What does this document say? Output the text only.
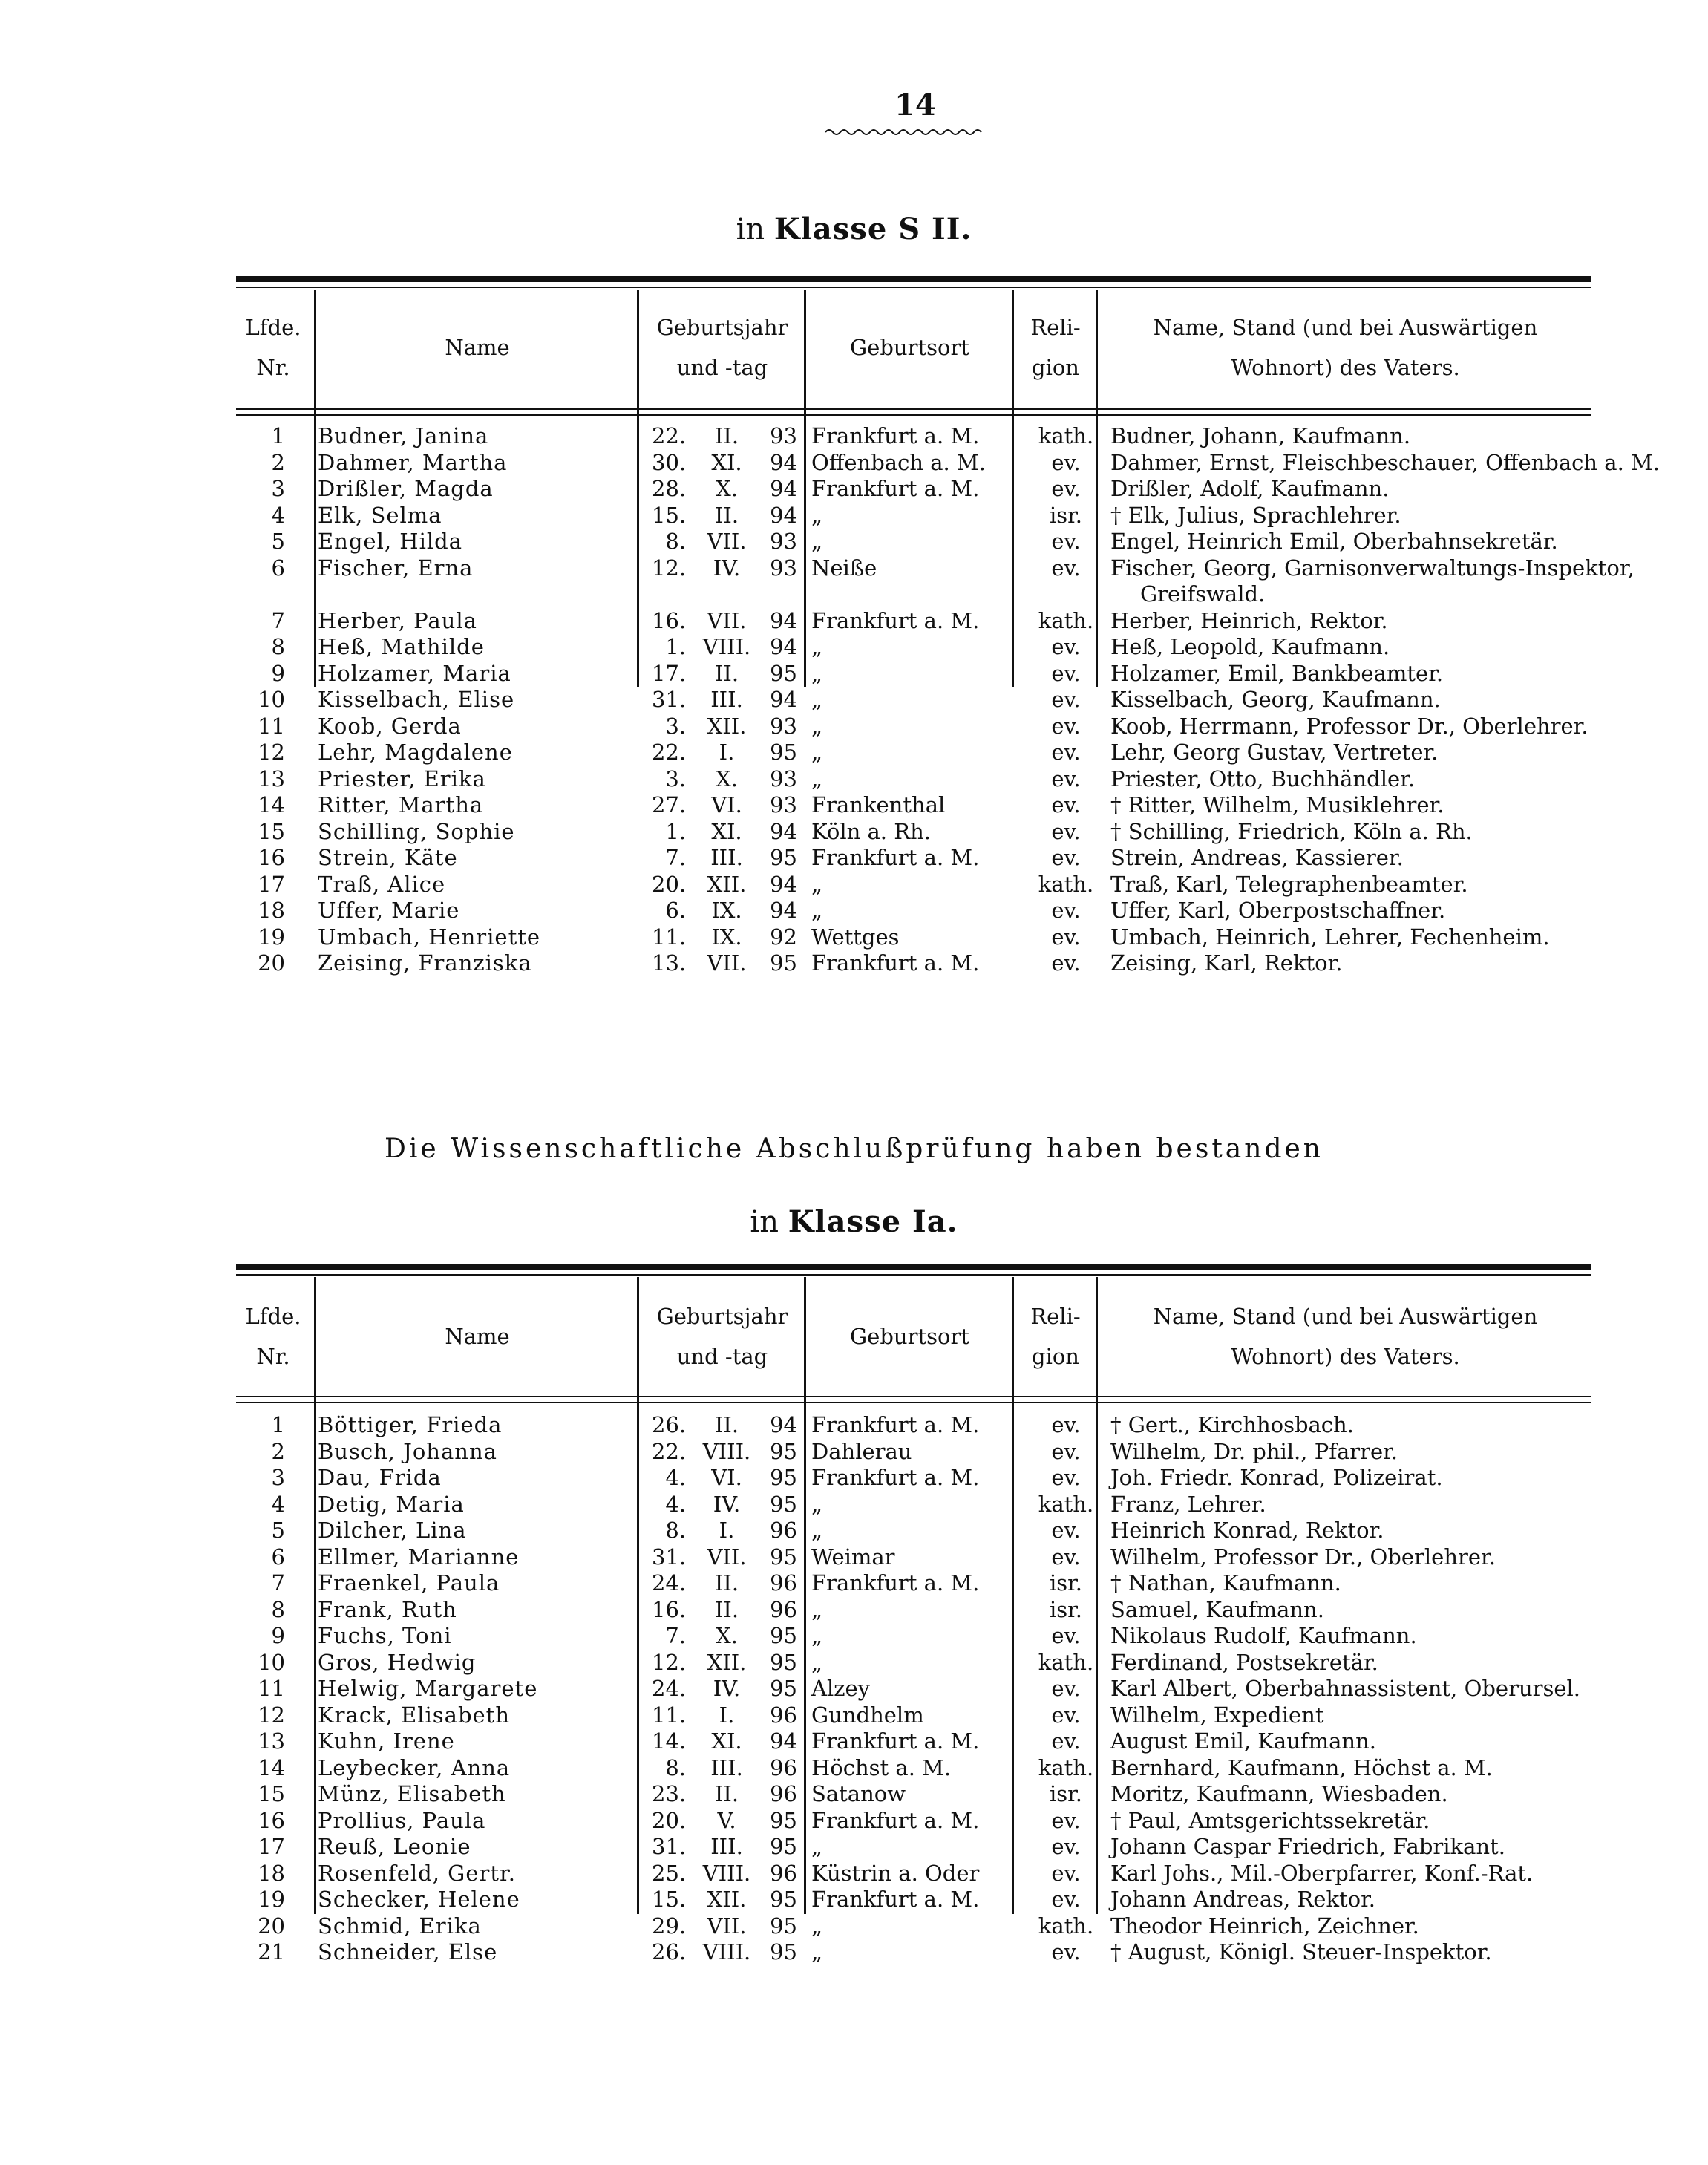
14
in Klasse S II.
Lfde.
Nr.
Name
Geburtsjahr
und -tag
Geburtsort
Reli-
gion
Name, Stand (und bei Auswärtigen
Wohnort) des Vaters.
1 Budner, Janina	22.	II.	93 Frankfurt a. M.	kath. Budner, Johann, Kaufmann.
2 Dahmer, Martha	30.	XI.	94 Offenbach a. M.	ev.	Dahmer, Ernst, Fleischbeschauer, Offenbach a. M.
3 Drißler, Magda	28.	X.	94 Frankfurt a. M.	ev.	Drißler, Adolf, Kaufmann.
4 Elk, Selma	15.	II.	94 „	isr.	† Elk, Julius, Sprachlehrer.
5 Engel, Hilda	8. VII.	93 „	ev.	Engel, Heinrich Emil, Oberbahnsekretär.
6 Fischer, Erna	12.	IV.	93 Neiße	ev.	Fischer, Georg, Garnisonverwaltungs-Inspektor,
Greifswald.
7 Herber, Paula	16. VII.	94 Frankfurt a. M.	kath. Herber, Heinrich, Rektor.
8 Heß, Mathilde	1. VIII. 94 „	ev.	Heß, Leopold, Kaufmann.
9 Holzamer, Maria	17.	II.	95 „	ev.	Holzamer, Emil, Bankbeamter.
10 Kisselbach, Elise	31.	III.	94 „	ev.	Kisselbach, Georg, Kaufmann.
11 Koob, Gerda	3. XII.	93 „	ev.	Koob, Herrmann, Professor Dr., Oberlehrer.
12 Lehr, Magdalene	22.	I.	95 „	ev.	Lehr, Georg Gustav, Vertreter.
13 Priester, Erika	3.	X.	93 „	ev.	Priester, Otto, Buchhändler.
14 Ritter, Martha	27.	VI.	93 Frankenthal	ev.	† Ritter, Wilhelm, Musiklehrer.
15 Schilling, Sophie	1.	XI.	94 Köln a. Rh.	ev.	† Schilling, Friedrich, Köln a. Rh.
16 Strein, Käte	7.	III.	95 Frankfurt a. M.	ev.	Strein, Andreas, Kassierer.
17 Traß, Alice	20. XII.	94 „	kath. Traß, Karl, Telegraphenbeamter.
18 Uffer, Marie	6.	IX.	94 „	ev.	Uffer, Karl, Oberpostschaffner.
19 Umbach, Henriette	11.	IX.	92 Wettges	ev.	Umbach, Heinrich, Lehrer, Fechenheim.
20 Zeising, Franziska	13. VII.	95 Frankfurt a. M.	ev.	Zeising, Karl, Rektor.
Die Wissenschaftliche Abschlußprüfung haben bestanden
in Klasse Ia.
Lfde.
Nr.
Name
Geburtsjahr
und -tag
Geburtsort
Reli-
gion
Name, Stand (und bei Auswärtigen
Wohnort) des Vaters.
1 Böttiger, Frieda	26.	II.	94 Frankfurt a. M.	ev.	† Gert., Kirchhosbach.
2 Busch, Johanna	22. VIII. 95 Dahlerau	ev.	Wilhelm, Dr. phil., Pfarrer.
3 Dau, Frida	4.	VI.	95 Frankfurt a. M.	ev.	Joh. Friedr. Konrad, Polizeirat.
4 Detig, Maria	4.	IV.	95 „	kath. Franz, Lehrer.
5 Dilcher, Lina	8.	I.	96 „	ev.	Heinrich Konrad, Rektor.
6 Ellmer, Marianne	31. VII.	95 Weimar	ev.	Wilhelm, Professor Dr., Oberlehrer.
7 Fraenkel, Paula	24.	II.	96 Frankfurt a. M.	isr.	† Nathan, Kaufmann.
8 Frank, Ruth	16.	II.	96 „	isr.	Samuel, Kaufmann.
9 Fuchs, Toni	7.	X.	95 „	ev.	Nikolaus Rudolf, Kaufmann.
10 Gros, Hedwig	12. XII.	95 „	kath. Ferdinand, Postsekretär.
11 Helwig, Margarete	24.	IV.	95 Alzey	ev.	Karl Albert, Oberbahnassistent, Oberursel.
12 Krack, Elisabeth	11.	I.	96 Gundhelm	ev.	Wilhelm, Expedient
13 Kuhn, Irene	14.	XI.	94 Frankfurt a. M.	ev.	August Emil, Kaufmann.
14 Leybecker, Anna	8.	III.	96 Höchst a. M.	kath. Bernhard, Kaufmann, Höchst a. M.
15 Münz, Elisabeth	23.	II.	96 Satanow	isr.	Moritz, Kaufmann, Wiesbaden.
16 Prollius, Paula	20.	V.	95 Frankfurt a. M.	ev.	† Paul, Amtsgerichtssekretär.
17 Reuß, Leonie	31.	III.	95 „	ev.	Johann Caspar Friedrich, Fabrikant.
18 Rosenfeld, Gertr.	25. VIII. 96 Küstrin a. Oder	ev.	Karl Johs., Mil.-Oberpfarrer, Konf.-Rat.
19 Schecker, Helene	15. XII.	95 Frankfurt a. M.	ev.	Johann Andreas, Rektor.
20 Schmid, Erika	29. VII.	95 „	kath. Theodor Heinrich, Zeichner.
21 Schneider, Else	26. VIII. 95 „	ev.	† August, Königl. Steuer-Inspektor.
